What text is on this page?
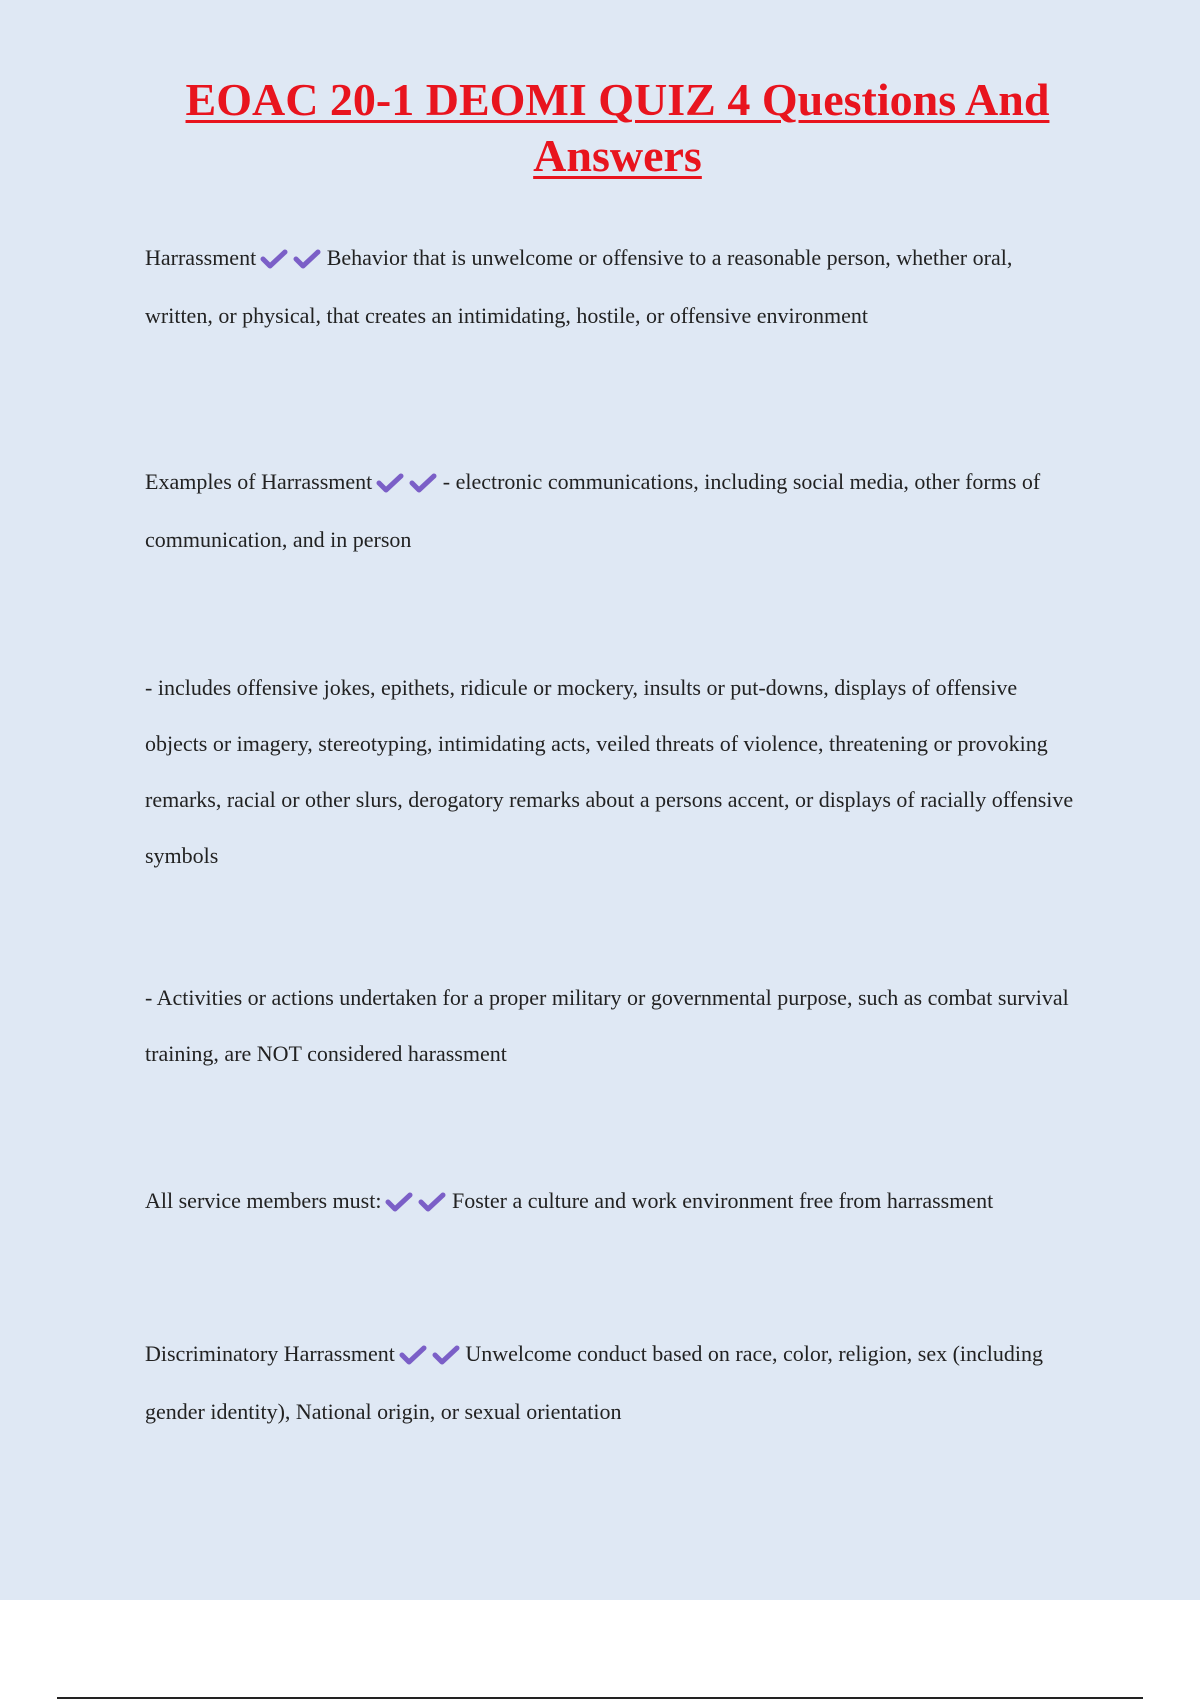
EOAC 20-1 DEOMI QUIZ 4 Questions And Answers
Harrassment	Behavior that is unwelcome or offensive to a reasonable person, whether oral, written, or physical, that creates an intimidating, hostile, or offensive environment
Examples of Harrassment	- electronic communications, including social media, other forms of communication, and in person
- includes offensive jokes, epithets, ridicule or mockery, insults or put-downs, displays of offensive objects or imagery, stereotyping, intimidating acts, veiled threats of violence, threatening or provoking remarks, racial or other slurs, derogatory remarks about a persons accent, or displays of racially offensive symbols
- Activities or actions undertaken for a proper military or governmental purpose, such as combat survival training, are NOT considered harassment
All service members must:	Foster a culture and work environment free from harrassment
Discriminatory Harrassment	Unwelcome conduct based on race, color, religion, sex (including gender identity), National origin, or sexual orientation
